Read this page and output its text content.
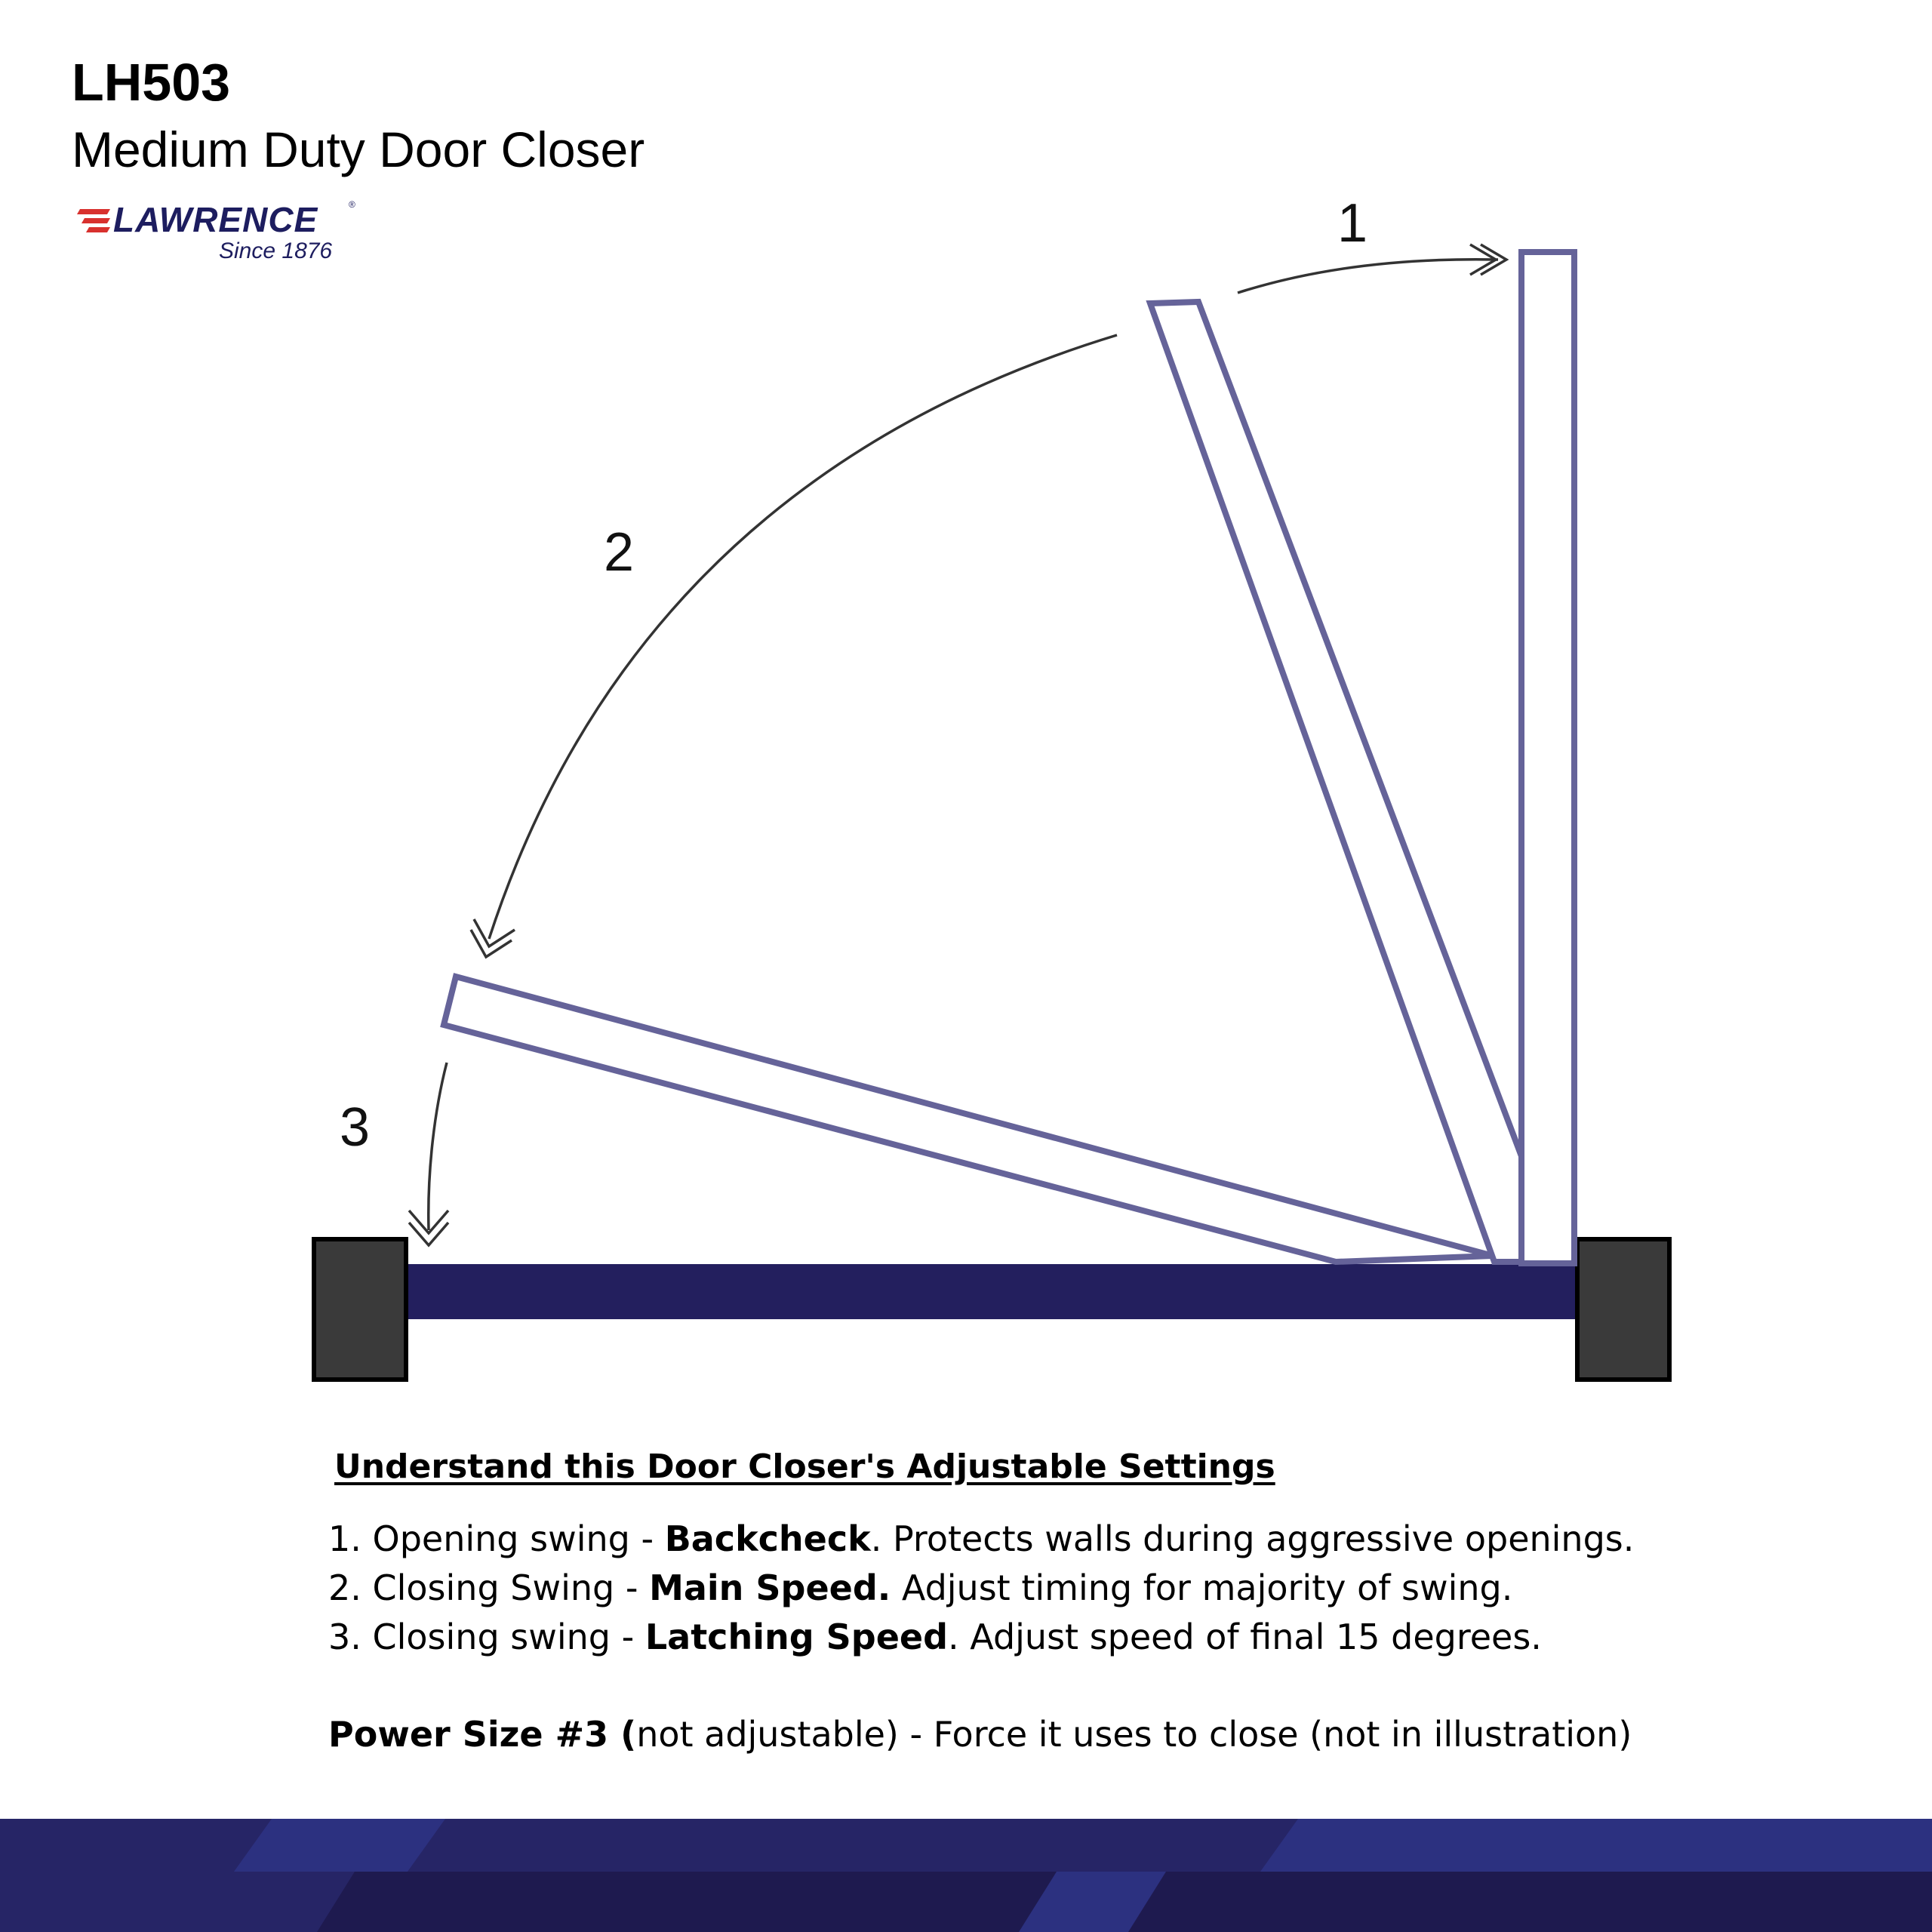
LH503
Medium Duty Door Closer
LAWRENCE	®
Since 1876	1
2
3
Understand this Door Closer's Adjustable Settings
1. Opening swing - Backcheck. Protects walls during aggressive openings.
2. Closing Swing - Main Speed. Adjust timing for majority of swing.
3. Closing swing - Latching Speed. Adjust speed of final 15 degrees.
Power Size #3 (not adjustable) - Force it uses to close (not in illustration)
